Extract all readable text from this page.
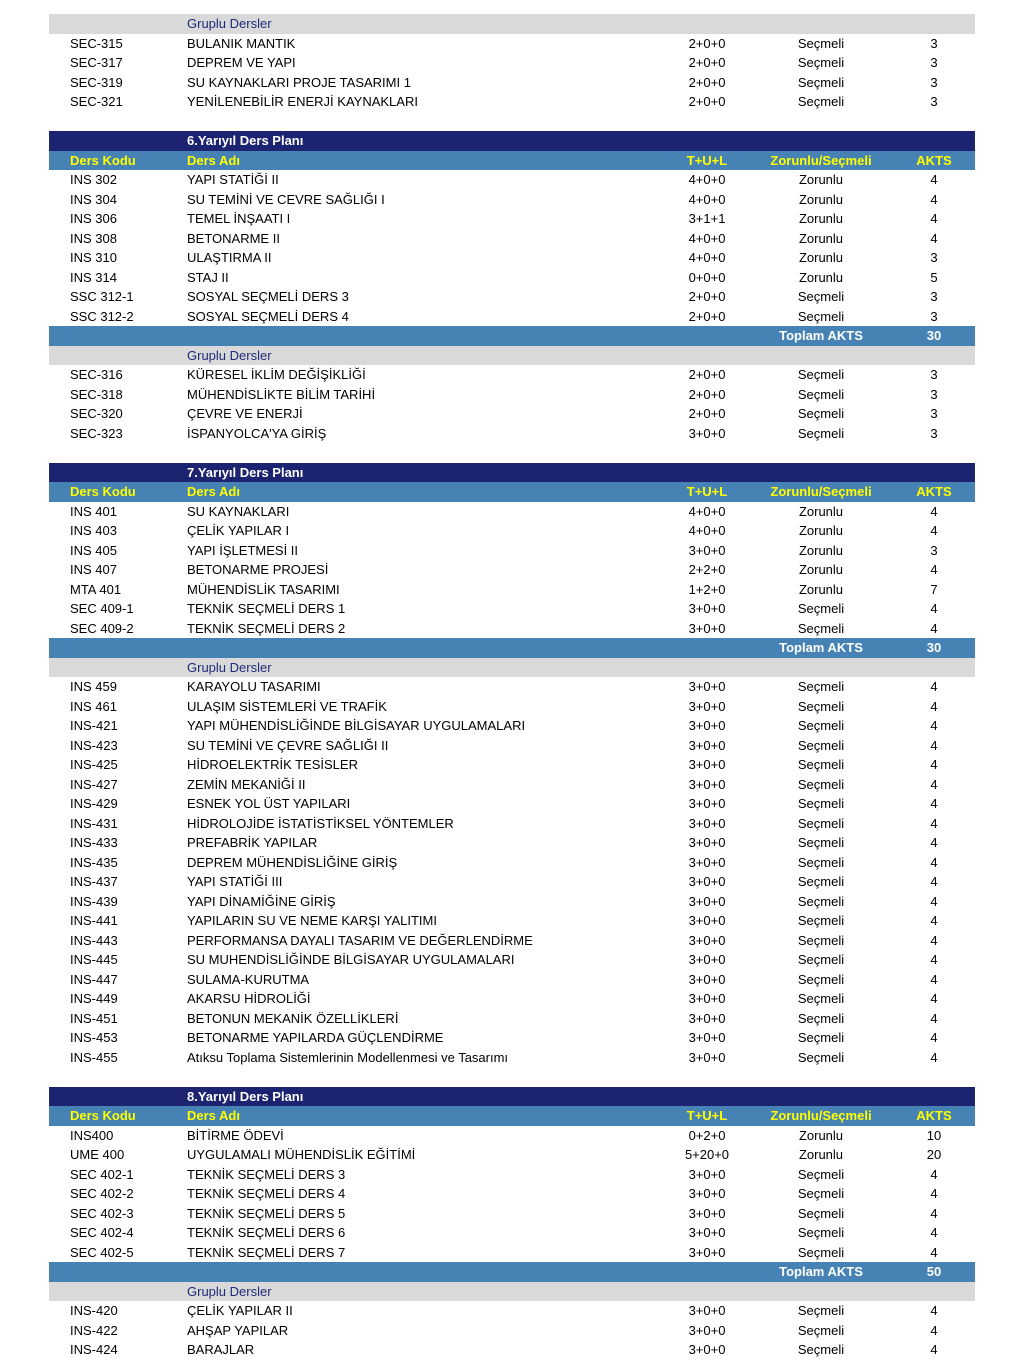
Gruplu Dersler
SEC-315	BULANIK MANTIK	2+0+0	Seçmeli	3
SEC-317	DEPREM VE YAPI	2+0+0	Seçmeli	3
SEC-319	SU KAYNAKLARI PROJE TASARIMI 1	2+0+0	Seçmeli	3
SEC-321	YENİLENEBİLİR ENERJİ KAYNAKLARI	2+0+0	Seçmeli	3
6.Yarıyıl Ders Planı
Ders Kodu	Ders Adı	T+U+L	Zorunlu/Seçmeli	AKTS
INS 302	YAPI STATİĞİ II	4+0+0	Zorunlu	4
INS 304	SU TEMİNİ VE CEVRE SAĞLIĞI I	4+0+0	Zorunlu	4
INS 306	TEMEL İNŞAATI I	3+1+1	Zorunlu	4
INS 308	BETONARME II	4+0+0	Zorunlu	4
INS 310	ULAŞTIRMA II	4+0+0	Zorunlu	3
INS 314	STAJ II	0+0+0	Zorunlu	5
SSC 312-1	SOSYAL SEÇMELİ DERS 3	2+0+0	Seçmeli	3
SSC 312-2	SOSYAL SEÇMELİ DERS 4	2+0+0	Seçmeli	3
Toplam AKTS	30
Gruplu Dersler
SEC-316	KÜRESEL İKLİM DEĞİŞİKLİĞİ	2+0+0	Seçmeli	3
SEC-318	MÜHENDİSLİKTE BİLİM TARİHİ	2+0+0	Seçmeli	3
SEC-320	ÇEVRE VE ENERJİ	2+0+0	Seçmeli	3
SEC-323	İSPANYOLCA'YA GİRİŞ	3+0+0	Seçmeli	3
7.Yarıyıl Ders Planı
Ders Kodu	Ders Adı	T+U+L	Zorunlu/Seçmeli	AKTS
INS 401	SU KAYNAKLARI	4+0+0	Zorunlu	4
INS 403	ÇELİK YAPILAR I	4+0+0	Zorunlu	4
INS 405	YAPI İŞLETMESİ II	3+0+0	Zorunlu	3
INS 407	BETONARME PROJESİ	2+2+0	Zorunlu	4
MTA 401	MÜHENDİSLİK TASARIMI	1+2+0	Zorunlu	7
SEC 409-1	TEKNİK SEÇMELİ DERS 1	3+0+0	Seçmeli	4
SEC 409-2	TEKNİK SEÇMELİ DERS 2	3+0+0	Seçmeli	4
Toplam AKTS	30
Gruplu Dersler
INS 459	KARAYOLU TASARIMI	3+0+0	Seçmeli	4
INS 461	ULAŞIM SİSTEMLERİ VE TRAFİK	3+0+0	Seçmeli	4
INS-421	YAPI MÜHENDİSLİĞİNDE BİLGİSAYAR UYGULAMALARI	3+0+0	Seçmeli	4
INS-423	SU TEMİNİ VE ÇEVRE SAĞLIĞI II	3+0+0	Seçmeli	4
INS-425	HİDROELEKTRİK TESİSLER	3+0+0	Seçmeli	4
INS-427	ZEMİN MEKANİĞİ II	3+0+0	Seçmeli	4
INS-429	ESNEK YOL ÜST YAPILARI	3+0+0	Seçmeli	4
INS-431	HİDROLOJİDE İSTATİSTİKSEL YÖNTEMLER	3+0+0	Seçmeli	4
INS-433	PREFABRİK YAPILAR	3+0+0	Seçmeli	4
INS-435	DEPREM MÜHENDİSLİĞİNE GİRİŞ	3+0+0	Seçmeli	4
INS-437	YAPI STATİĞİ III	3+0+0	Seçmeli	4
INS-439	YAPI DİNAMİĞİNE GİRİŞ	3+0+0	Seçmeli	4
INS-441	YAPILARIN SU VE NEME KARŞI YALITIMI	3+0+0	Seçmeli	4
INS-443	PERFORMANSA DAYALI TASARIM VE DEĞERLENDİRME	3+0+0	Seçmeli	4
INS-445	SU MUHENDİSLİĞİNDE BİLGİSAYAR UYGULAMALARI	3+0+0	Seçmeli	4
INS-447	SULAMA-KURUTMA	3+0+0	Seçmeli	4
INS-449	AKARSU HİDROLİĞİ	3+0+0	Seçmeli	4
INS-451	BETONUN MEKANİK ÖZELLİKLERİ	3+0+0	Seçmeli	4
INS-453	BETONARME YAPILARDA GÜÇLENDİRME	3+0+0	Seçmeli	4
INS-455	Atıksu Toplama Sistemlerinin Modellenmesi ve Tasarımı	3+0+0	Seçmeli	4
8.Yarıyıl Ders Planı
Ders Kodu	Ders Adı	T+U+L	Zorunlu/Seçmeli	AKTS
INS400	BİTİRME ÖDEVİ	0+2+0	Zorunlu	10
UME 400	UYGULAMALI MÜHENDİSLİK EĞİTİMİ	5+20+0	Zorunlu	20
SEC 402-1	TEKNİK SEÇMELİ DERS 3	3+0+0	Seçmeli	4
SEC 402-2	TEKNİK SEÇMELİ DERS 4	3+0+0	Seçmeli	4
SEC 402-3	TEKNİK SEÇMELİ DERS 5	3+0+0	Seçmeli	4
SEC 402-4	TEKNİK SEÇMELİ DERS 6	3+0+0	Seçmeli	4
SEC 402-5	TEKNİK SEÇMELİ DERS 7	3+0+0	Seçmeli	4
Toplam AKTS	50
Gruplu Dersler
INS-420	ÇELİK YAPILAR II	3+0+0	Seçmeli	4
INS-422	AHŞAP YAPILAR	3+0+0	Seçmeli	4
INS-424	BARAJLAR	3+0+0	Seçmeli	4
